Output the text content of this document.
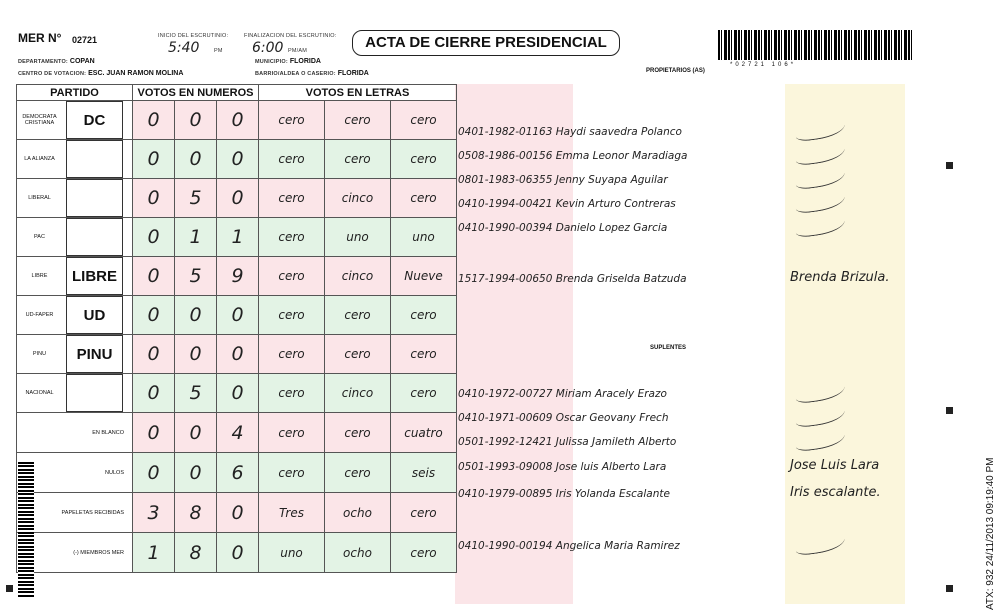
MER N° 02721	INICIO DEL ESCRUTINIO:
5:40	PM
FINALIZACION DEL ESCRUTINIO:
6:00 PM/AM	ACTA DE CIERRE PRESIDENCIAL
*02721 106*
DEPARTAMENTO: COPAN	MUNICIPIO: FLORIDA
CENTRO DE VOTACION: ESC. JUAN RAMON MOLINA	BARRIO/ALDEA O CASERIO: FLORIDA
PARTIDO	VOTOS EN NUMEROS			VOTOS EN LETRAS		

DEMOCRATA CRISTIANA DC	0	0	0	cero	cero	cero

LA ALIANZA	0	0	0	cero	cero	cero

LIBERAL	0	5	0	cero	cinco	cero

PAC	0	1	1	cero	uno	uno

LIBRE LIBRE	0	5	9	cero	cinco	Nueve

UD-FAPER UD	0	0	0	cero	cero	cero

PINU PINU	0	0	0	cero	cero	cero

NACIONAL	0	5	0	cero	cinco	cero
EN BLANCO	0	0	4	cero	cero	cuatro
NULOS	0	0	6	cero	cero	seis
PAPELETAS RECIBIDAS	3	8	0	Tres	ocho	cero
(-) MIEMBROS MER	1	8	0	uno	ocho	cero
PROPIETARIOS (AS)
SUPLENTES
0401-1982-01163 Haydi saavedra Polanco
0508-1986-00156 Emma Leonor Maradiaga
0801-1983-06355 Jenny Suyapa Aguilar
0410-1994-00421 Kevin Arturo Contreras
0410-1990-00394 Danielo Lopez Garcia
1517-1994-00650 Brenda Griselda Batzuda	Brenda Brizula.
0410-1972-00727 Miriam Aracely Erazo
0410-1971-00609 Oscar Geovany Frech
0501-1992-12421 Julissa Jamileth Alberto
0501-1993-09008 Jose luis Alberto Lara	Jose Luis Lara
0410-1979-00895 Iris Yolanda Escalante	Iris escalante.
0410-1990-00194 Angelica Maria Ramirez	ATX: 932 24/11/2013 09:19:40 PM
